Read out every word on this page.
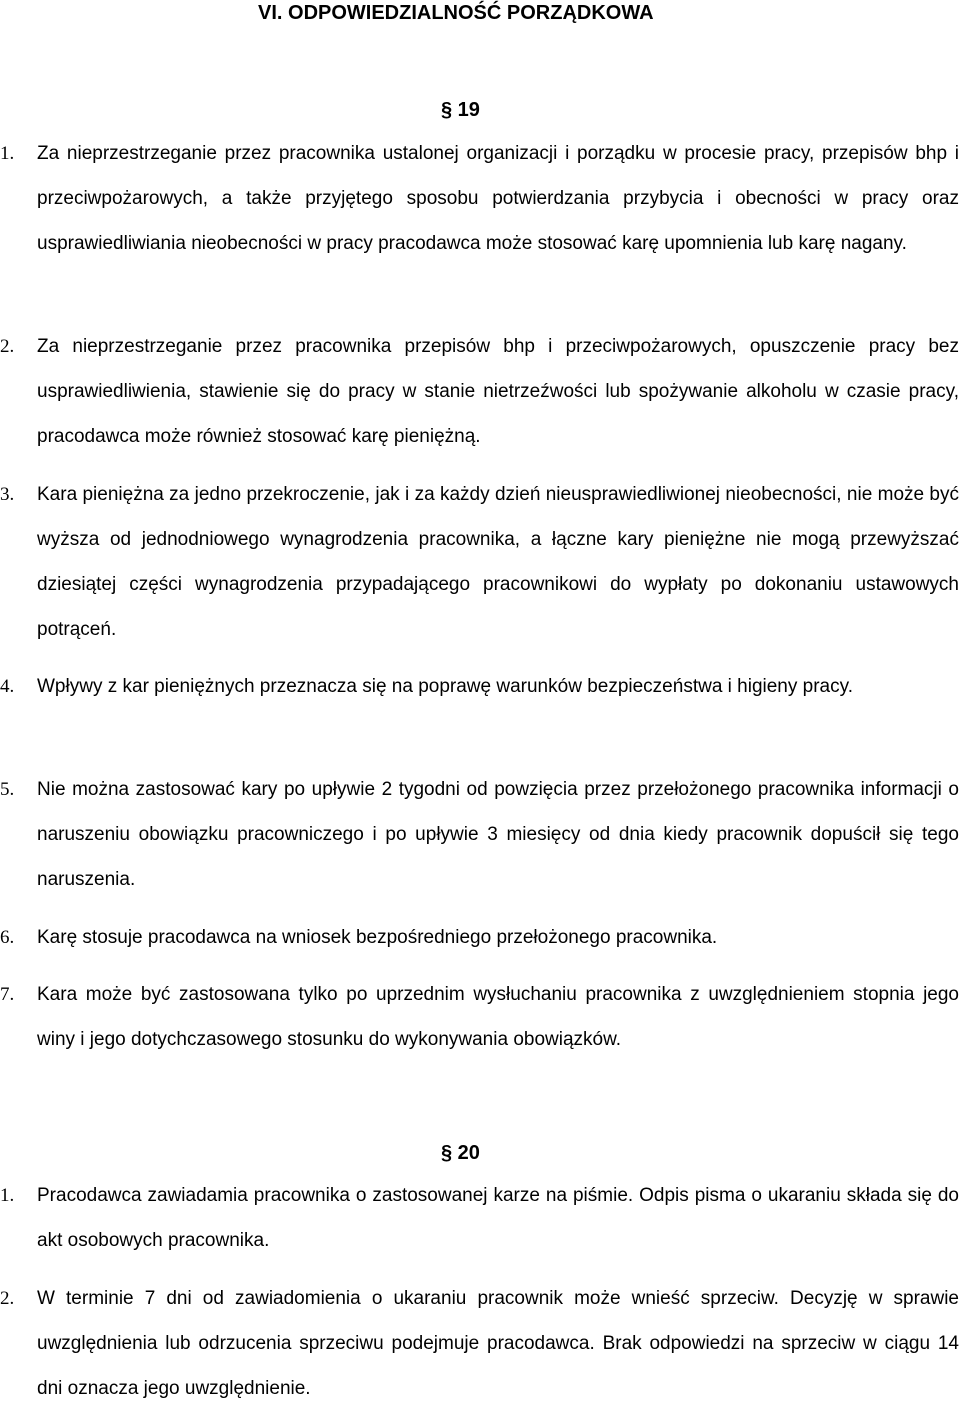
VI. ODPOWIEDZIALNOŚĆ PORZĄDKOWA
§ 19
1.	Za nieprzestrzeganie przez pracownika ustalonej organizacji i porządku w procesie pracy, przepisów bhp i przeciwpożarowych, a także przyjętego sposobu potwierdzania przybycia i obecności w pracy oraz usprawiedliwiania nieobecności w pracy pracodawca może stosować karę upomnienia lub karę nagany.
2.	Za nieprzestrzeganie przez pracownika przepisów bhp i przeciwpożarowych, opuszczenie pracy bez usprawiedliwienia, stawienie się do pracy w stanie nietrzeźwości lub spożywanie alkoholu w czasie pracy, pracodawca może również stosować karę pieniężną.
3.	Kara pieniężna za jedno przekroczenie, jak i za każdy dzień nieusprawiedliwionej nieobecności, nie może być wyższa od jednodniowego wynagrodzenia pracownika, a łączne kary pieniężne nie mogą przewyższać dziesiątej części wynagrodzenia przypadającego pracownikowi do wypłaty po dokonaniu ustawowych potrąceń.
4.	Wpływy z kar pieniężnych przeznacza się na poprawę warunków bezpieczeństwa i higieny pracy.
5.	Nie można zastosować kary po upływie 2 tygodni od powzięcia przez przełożonego pracownika informacji o naruszeniu obowiązku pracowniczego i po upływie 3 miesięcy od dnia kiedy pracownik dopuścił się tego naruszenia.
6.	Karę stosuje pracodawca na wniosek bezpośredniego przełożonego pracownika.
7.	Kara może być zastosowana tylko po uprzednim wysłuchaniu pracownika z uwzględnieniem stopnia jego winy i jego dotychczasowego stosunku do wykonywania obowiązków.
§ 20
1.	Pracodawca zawiadamia pracownika o zastosowanej karze na piśmie. Odpis pisma o ukaraniu składa się do akt osobowych pracownika.
2.	W terminie 7 dni od zawiadomienia o ukaraniu pracownik może wnieść sprzeciw. Decyzję w sprawie uwzględnienia lub odrzucenia sprzeciwu podejmuje pracodawca. Brak odpowiedzi na sprzeciw w ciągu 14 dni oznacza jego uwzględnienie.
